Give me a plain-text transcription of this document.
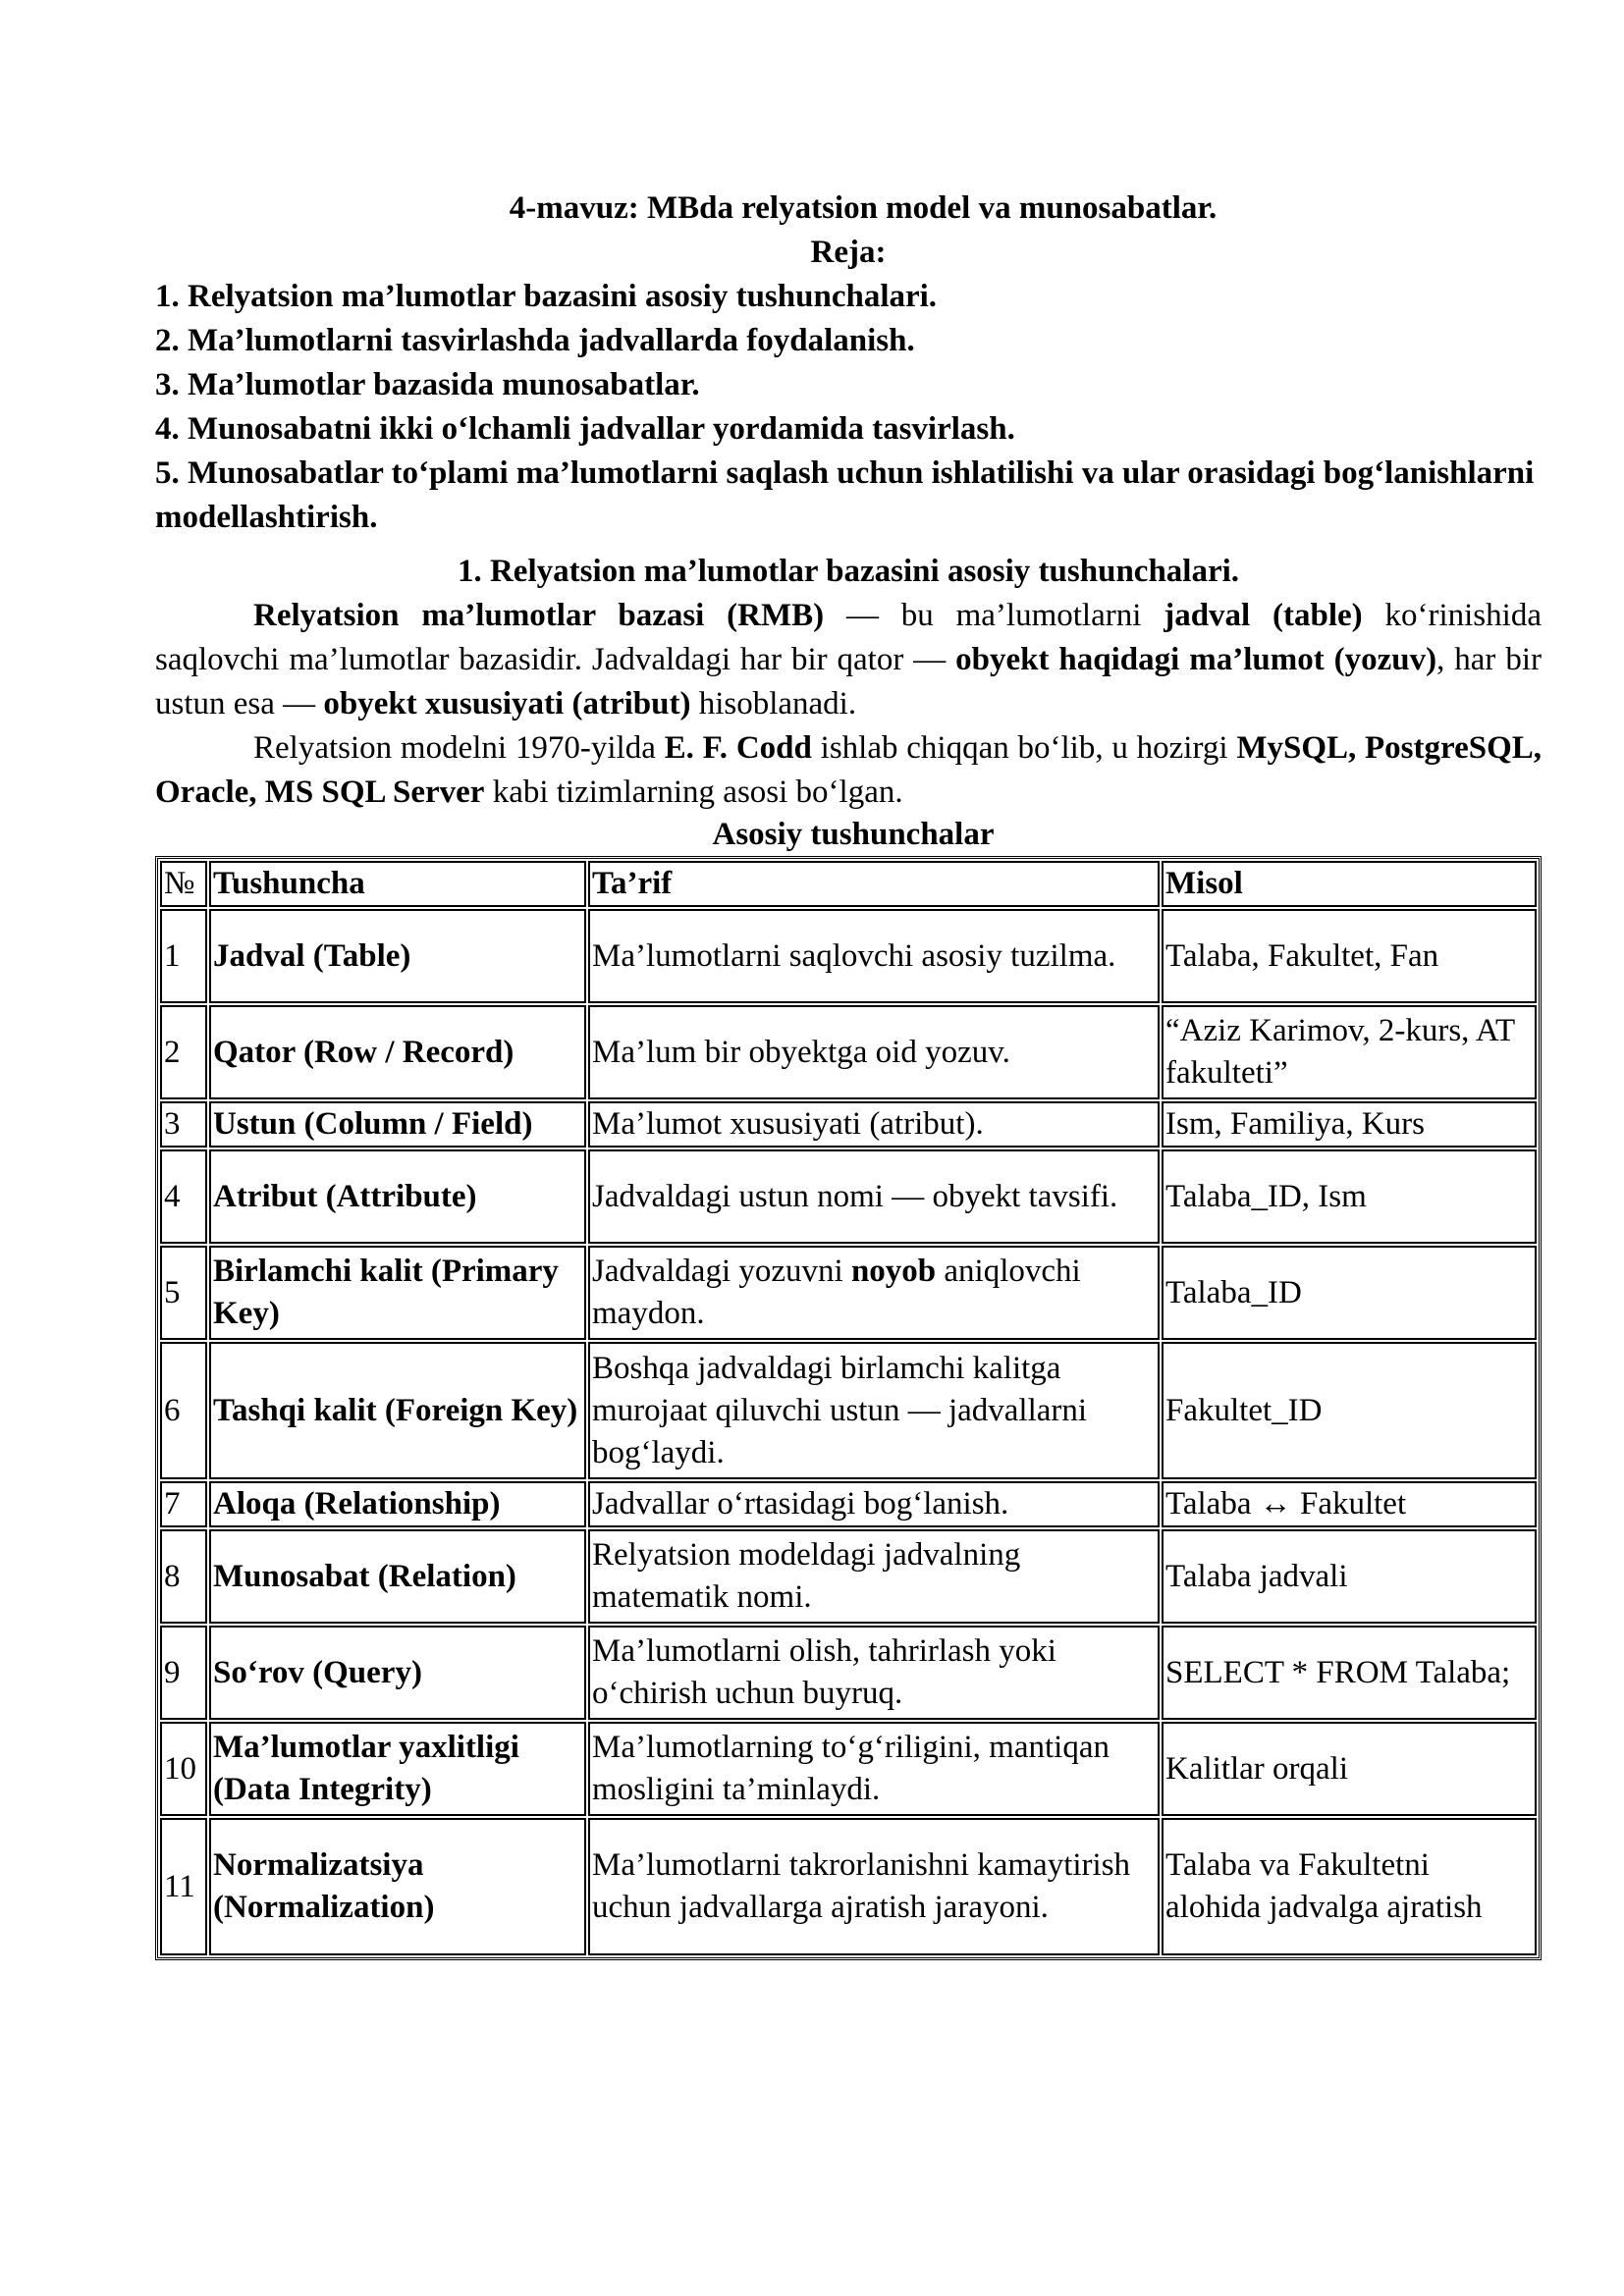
4-mavuz: MBda relyatsion model va munosabatlar.
Reja:
1. Relyatsion ma’lumotlar bazasini asosiy tushunchalari.
2. Ma’lumotlarni tasvirlashda jadvallarda foydalanish.
3. Ma’lumotlar bazasida munosabatlar.
4. Munosabatni ikki o‘lchamli jadvallar yordamida tasvirlash.
5. Munosabatlar to‘plami ma’lumotlarni saqlash uchun ishlatilishi va ular orasidagi bog‘lanishlarni modellashtirish.
1. Relyatsion ma’lumotlar bazasini asosiy tushunchalari.
Relyatsion ma’lumotlar bazasi (RMB) — bu ma’lumotlarni jadval (table) ko‘rinishida saqlovchi ma’lumotlar bazasidir. Jadvaldagi har bir qator — obyekt haqidagi ma’lumot (yozuv), har bir ustun esa — obyekt xususiyati (atribut) hisoblanadi.
Relyatsion modelni 1970-yilda E. F. Codd ishlab chiqqan bo‘lib, u hozirgi MySQL, PostgreSQL, Oracle, MS SQL Server kabi tizimlarning asosi bo‘lgan.
Asosiy tushunchalar
№	Tushuncha	Ta’rif	Misol
1	Jadval (Table)	Ma’lumotlarni saqlovchi asosiy tuzilma.	Talaba, Fakultet, Fan
2	Qator (Row / Record)	Ma’lum bir obyektga oid yozuv.	“Aziz Karimov, 2-kurs, AT fakulteti”
3	Ustun (Column / Field)	Ma’lumot xususiyati (atribut).	Ism, Familiya, Kurs
4	Atribut (Attribute)	Jadvaldagi ustun nomi — obyekt tavsifi.	Talaba_ID, Ism
5	Birlamchi kalit (Primary Key)	Jadvaldagi yozuvni noyob aniqlovchi maydon.	Talaba_ID
6	Tashqi kalit (Foreign Key)	Boshqa jadvaldagi birlamchi kalitga murojaat qiluvchi ustun — jadvallarni bog‘laydi.	Fakultet_ID
7	Aloqa (Relationship)	Jadvallar o‘rtasidagi bog‘lanish.	Talaba ↔ Fakultet
8	Munosabat (Relation)	Relyatsion modeldagi jadvalning matematik nomi.	Talaba jadvali
9	So‘rov (Query)	Ma’lumotlarni olish, tahrirlash yoki o‘chirish uchun buyruq.	SELECT * FROM Talaba;
10	Ma’lumotlar yaxlitligi (Data Integrity)	Ma’lumotlarning to‘g‘riligini, mantiqan mosligini ta’minlaydi.	Kalitlar orqali
11	Normalizatsiya (Normalization)	Ma’lumotlarni takrorlanishni kamaytirish uchun jadvallarga ajratish jarayoni.	Talaba va Fakultetni alohida jadvalga ajratish
